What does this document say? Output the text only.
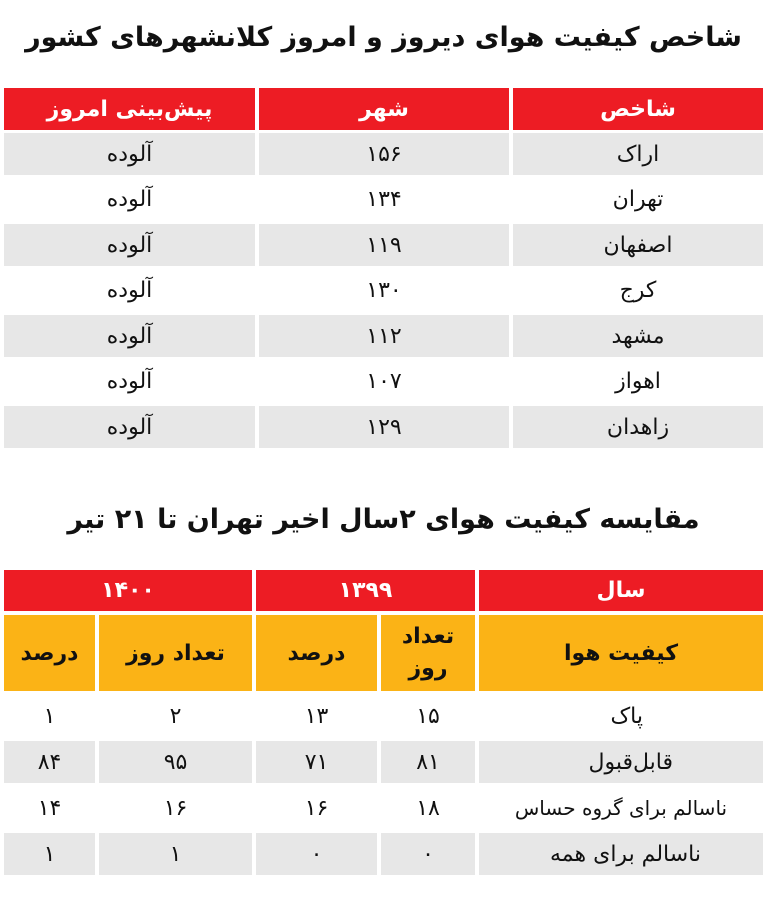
شاخص کیفیت هوای دیروز و امروز کلانشهرهای کشور
شاخص
شهر
پیش‌بینی امروز
اراک
۱۵۶
آلوده
تهران
۱۳۴
آلوده
اصفهان
۱۱۹
آلوده
کرج
۱۳۰
آلوده
مشهد
۱۱۲
آلوده
اهواز
۱۰۷
آلوده
زاهدان
۱۲۹
آلوده
مقایسه کیفیت هوای ۲سال اخیر تهران تا ۲۱ تیر
سال
۱۳۹۹
۱۴۰۰
کیفیت هوا
تعداد روز
درصد
تعداد روز
درصد
پاک
۱۵
۱۳
۲
۱
قابل‌قبول
۸۱
۷۱
۹۵
۸۴
ناسالم برای گروه حساس
۱۸
۱۶
۱۶
۱۴
ناسالم برای همه
۰
۰
۱
۱
